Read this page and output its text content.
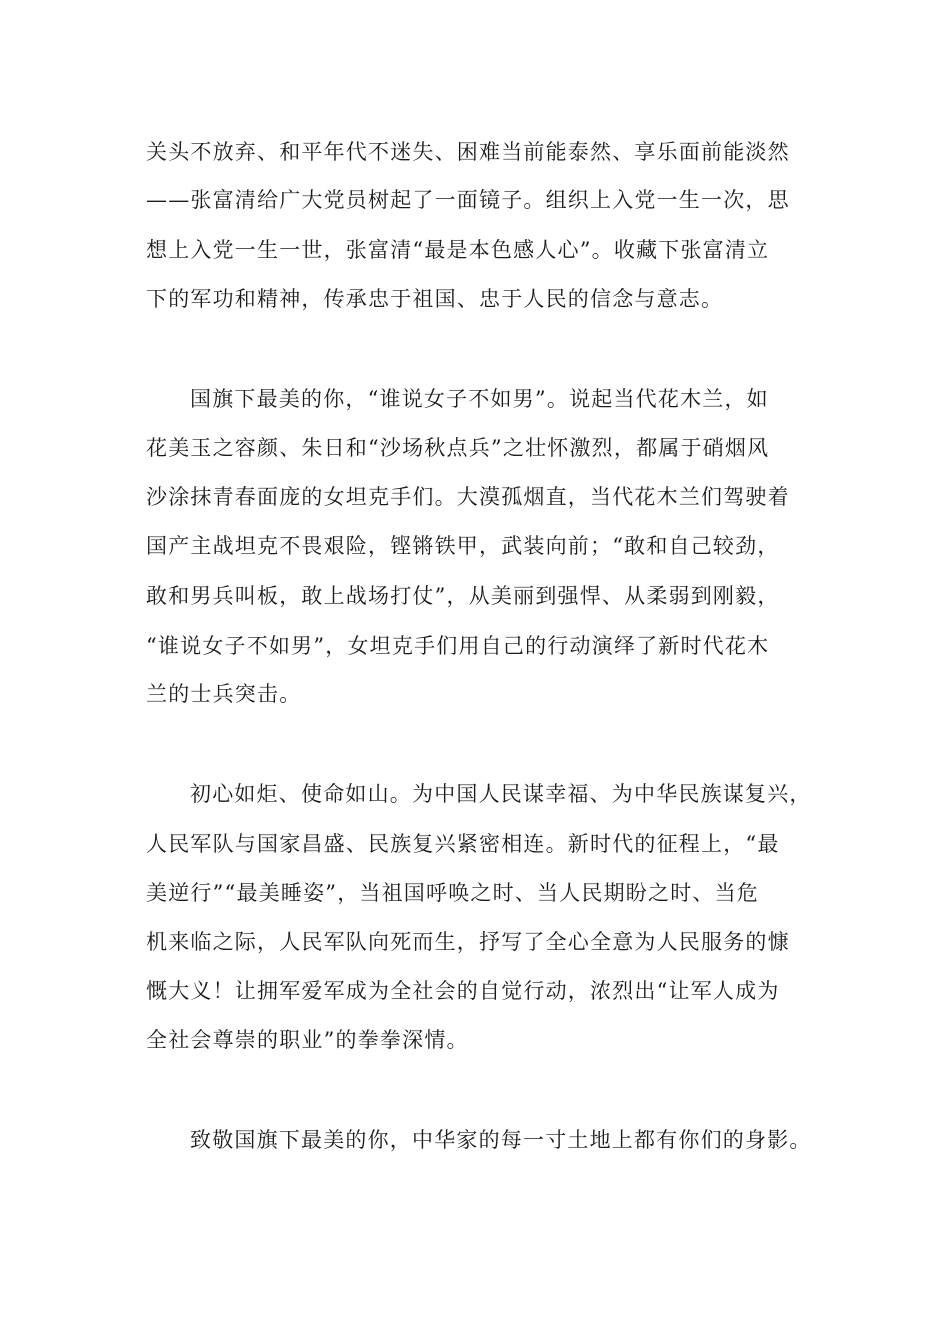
关头不放弃、和平年代不迷失、困难当前能泰然、享乐面前能淡然
——张富清给广大党员树起了一面镜子。组织上入党一生一次，思
想上入党一生一世，张富清“最是本色感人心”。收藏下张富清立
下的军功和精神，传承忠于祖国、忠于人民的信念与意志。
国旗下最美的你，“谁说女子不如男”。说起当代花木兰，如
花美玉之容颜、朱日和“沙场秋点兵”之壮怀激烈，都属于硝烟风
沙涂抹青春面庞的女坦克手们。大漠孤烟直，当代花木兰们驾驶着
国产主战坦克不畏艰险，铿锵铁甲，武装向前；“敢和自己较劲，
敢和男兵叫板，敢上战场打仗”，从美丽到强悍、从柔弱到刚毅，
“谁说女子不如男”，女坦克手们用自己的行动演绎了新时代花木
兰的士兵突击。
初心如炬、使命如山。为中国人民谋幸福、为中华民族谋复兴，
人民军队与国家昌盛、民族复兴紧密相连。新时代的征程上，“最
美逆行”“最美睡姿”，当祖国呼唤之时、当人民期盼之时、当危
机来临之际，人民军队向死而生，抒写了全心全意为人民服务的慷
慨大义！让拥军爱军成为全社会的自觉行动，浓烈出“让军人成为
全社会尊崇的职业”的拳拳深情。
致敬国旗下最美的你，中华家的每一寸土地上都有你们的身影。
